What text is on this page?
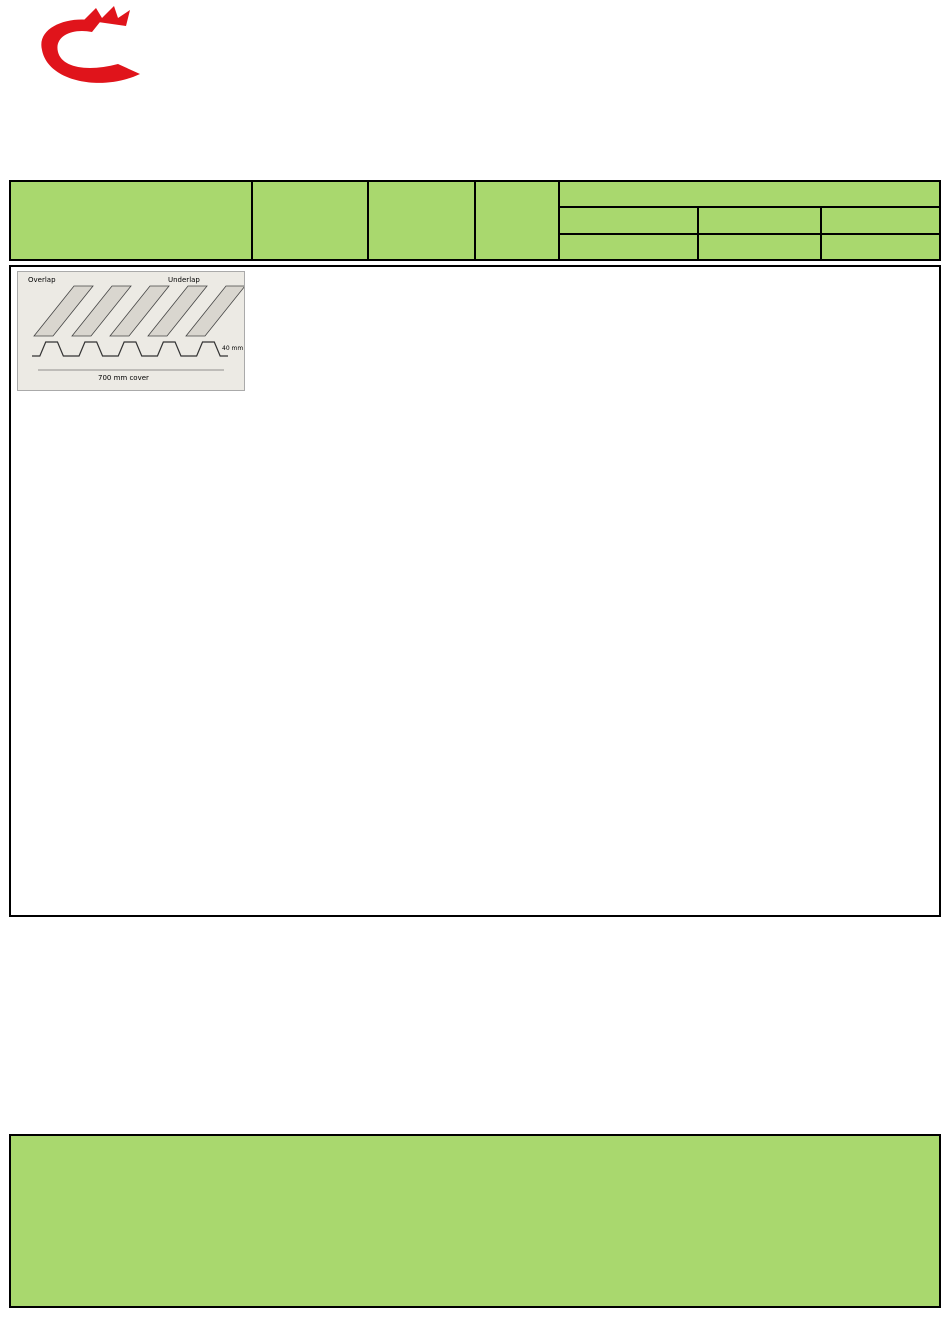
Overlap	Underlap
700 mm cover
40 mm
